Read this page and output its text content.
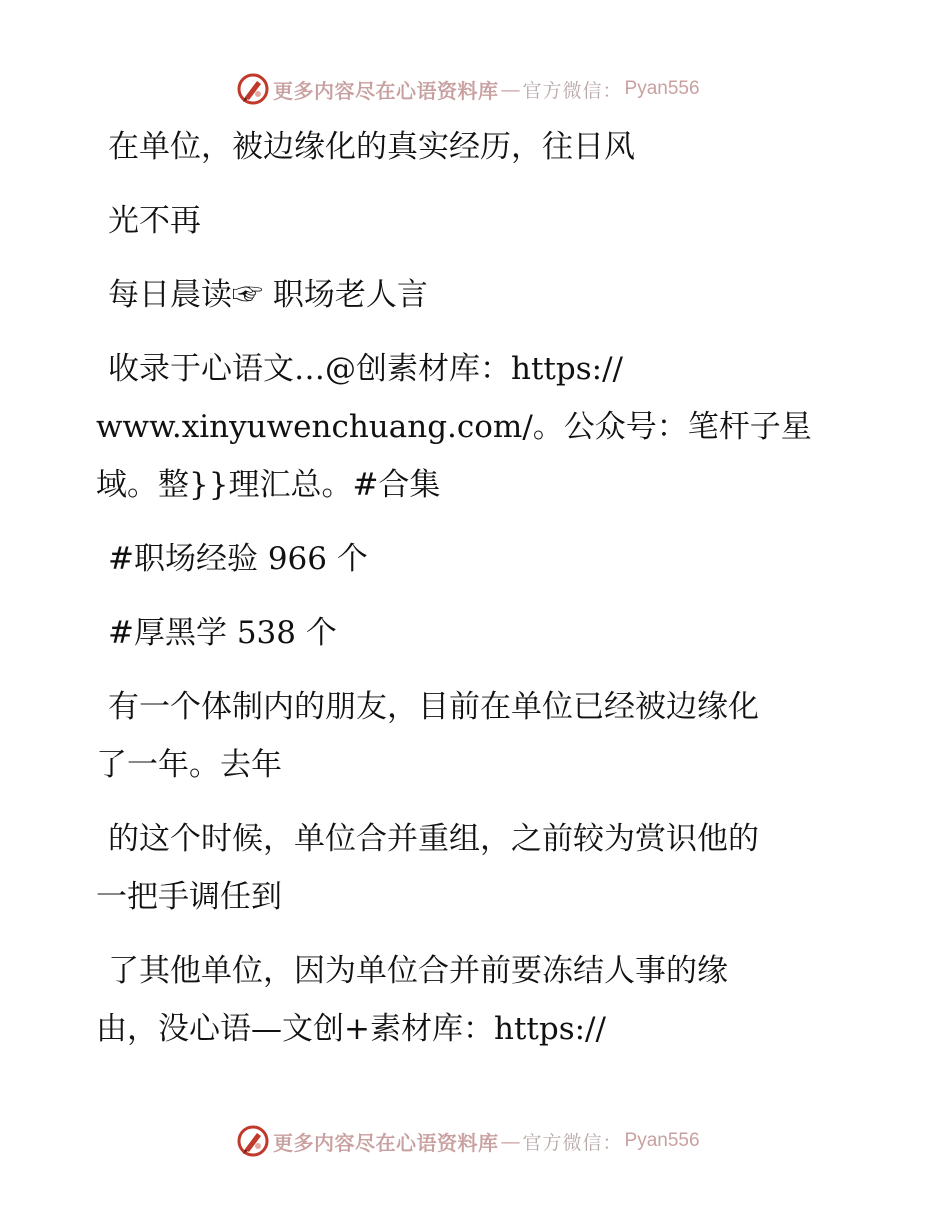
更多内容尽在心语资料库 — 官方微信： Pyan556
在单位，被边缘化的真实经历，往日风
光不再
每日晨读☞ 职场老人言
收录于心语文…@创素材库：https://
www.xinyuwenchuang.com/。公众号：笔杆子星
域。整}}理汇总。#合集
#职场经验 966 个
#厚黑学 538 个
有一个体制内的朋友，目前在单位已经被边缘化
了一年。去年
的这个时候，单位合并重组，之前较为赏识他的
一把手调任到
了其他单位，因为单位合并前要冻结人事的缘
由，没心语—文创+素材库：https://
更多内容尽在心语资料库 — 官方微信： Pyan556
